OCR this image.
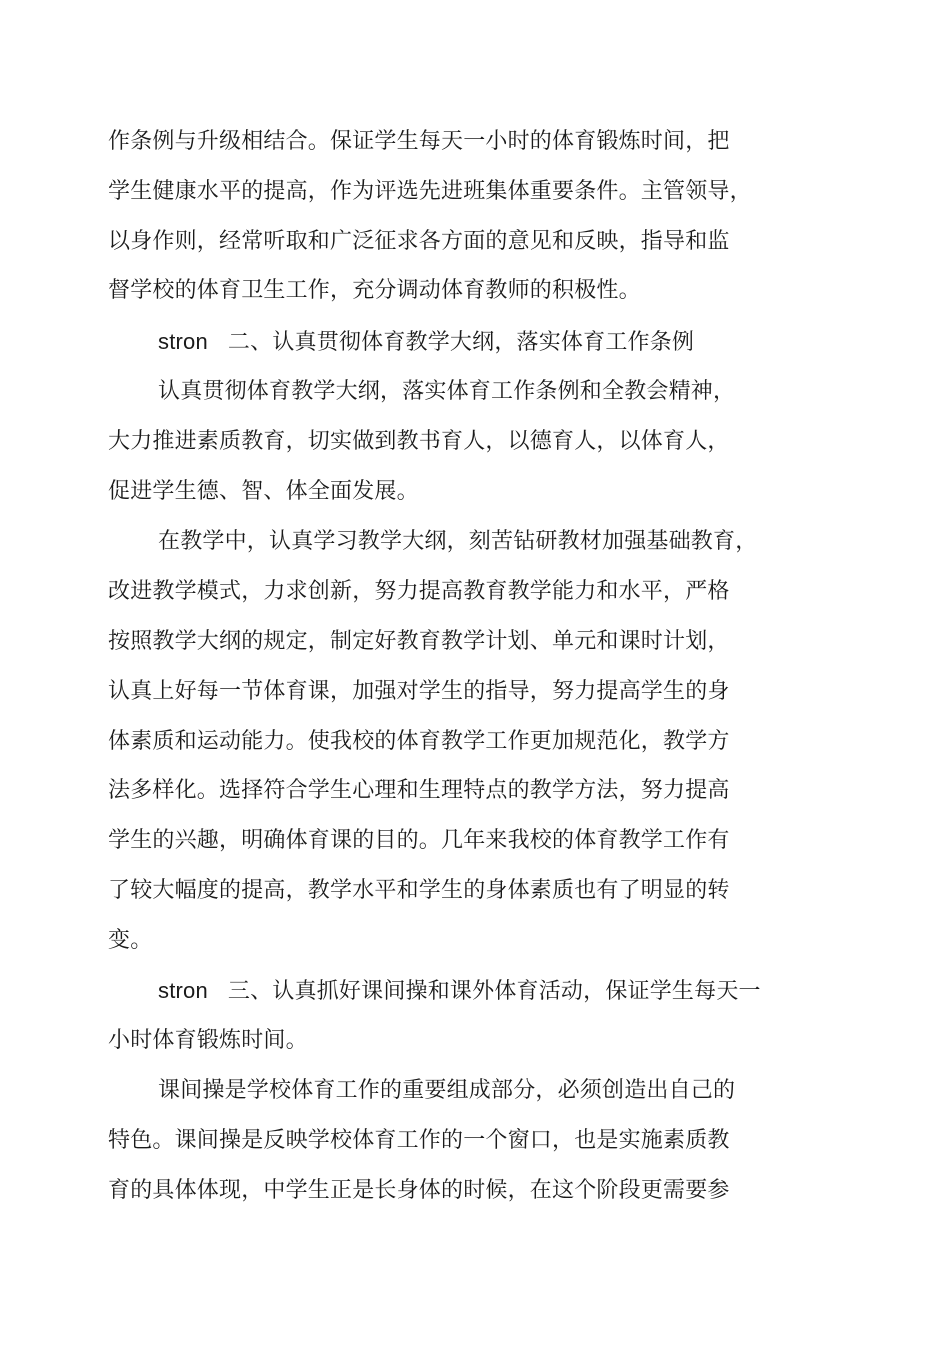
作条例与升级相结合。保证学生每天一小时的体育锻炼时间，把
学生健康水平的提高，作为评选先进班集体重要条件。主管领导，
以身作则，经常听取和广泛征求各方面的意见和反映，指导和监
督学校的体育卫生工作，充分调动体育教师的积极性。
stron 二、认真贯彻体育教学大纲，落实体育工作条例
认真贯彻体育教学大纲，落实体育工作条例和全教会精神，
大力推进素质教育，切实做到教书育人，以德育人，以体育人，
促进学生德、智、体全面发展。
在教学中，认真学习教学大纲，刻苦钻研教材加强基础教育，
改进教学模式，力求创新，努力提高教育教学能力和水平，严格
按照教学大纲的规定，制定好教育教学计划、单元和课时计划，
认真上好每一节体育课，加强对学生的指导，努力提高学生的身
体素质和运动能力。使我校的体育教学工作更加规范化，教学方
法多样化。选择符合学生心理和生理特点的教学方法，努力提高
学生的兴趣，明确体育课的目的。几年来我校的体育教学工作有
了较大幅度的提高，教学水平和学生的身体素质也有了明显的转
变。
stron 三、认真抓好课间操和课外体育活动，保证学生每天一
小时体育锻炼时间。
课间操是学校体育工作的重要组成部分，必须创造出自己的
特色。课间操是反映学校体育工作的一个窗口，也是实施素质教
育的具体体现，中学生正是长身体的时候，在这个阶段更需要参
